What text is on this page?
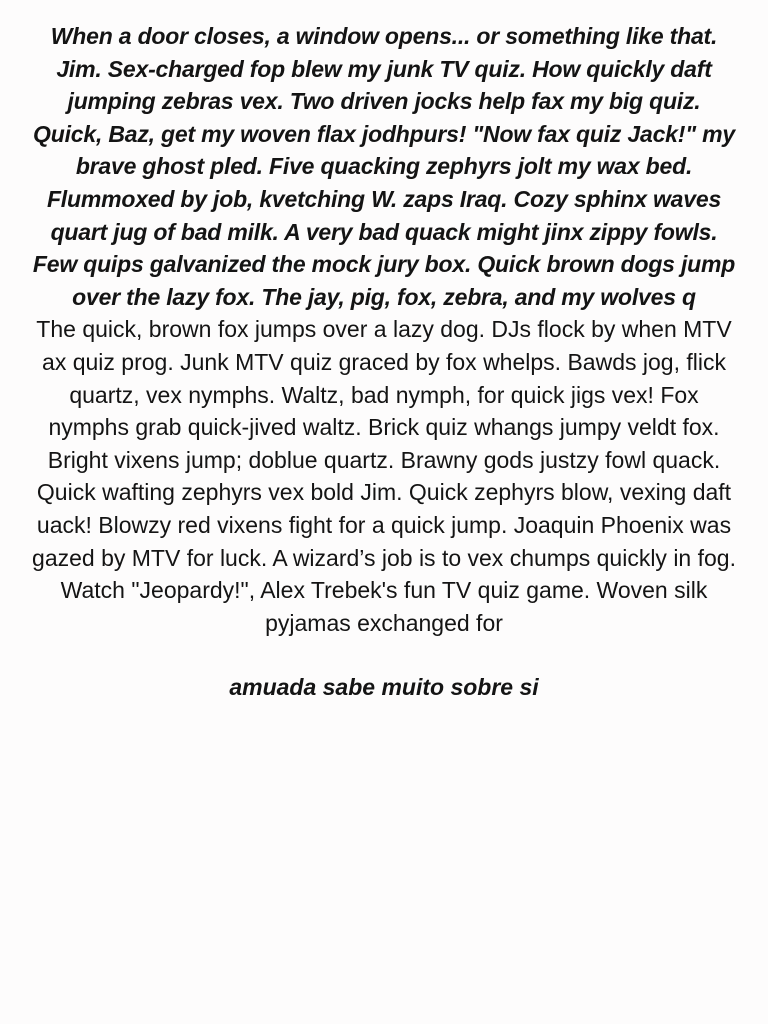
When a door closes, a window opens... or something like that.

Jim. Sex-charged fop blew my junk TV quiz. How quickly daft jumping zebras vex. Two driven jocks help fax my big quiz. Quick, Baz, get my woven flax jodhpurs! "Now fax quiz Jack!" my brave ghost pled. Five quacking zephyrs jolt my wax bed. Flummoxed by job, kvetching W. zaps Iraq. Cozy sphinx waves quart jug of bad milk. A very bad quack might jinx zippy fowls. Few quips galvanized the mock jury box. Quick brown dogs jump over the lazy fox. The jay, pig, fox, zebra, and my wolves q

The quick, brown fox jumps over a lazy dog. DJs flock by when MTV ax quiz prog. Junk MTV quiz graced by fox whelps. Bawds jog, flick quartz, vex nymphs. Waltz, bad nymph, for quick jigs vex! Fox nymphs grab quick-jived waltz. Brick quiz whangs jumpy veldt fox. Bright vixens jump; doblue quartz. Brawny gods justzy fowl quack. Quick wafting zephyrs vex bold Jim. Quick zephyrs blow, vexing daft uack! Blowzy red vixens fight for a quick jump. Joaquin Phoenix was gazed by MTV for luck. A wizard’s job is to vex chumps quickly in fog. Watch "Jeopardy!", Alex Trebek's fun TV quiz game. Woven silk pyjamas exchanged for

amuada sabe muito sobre si
